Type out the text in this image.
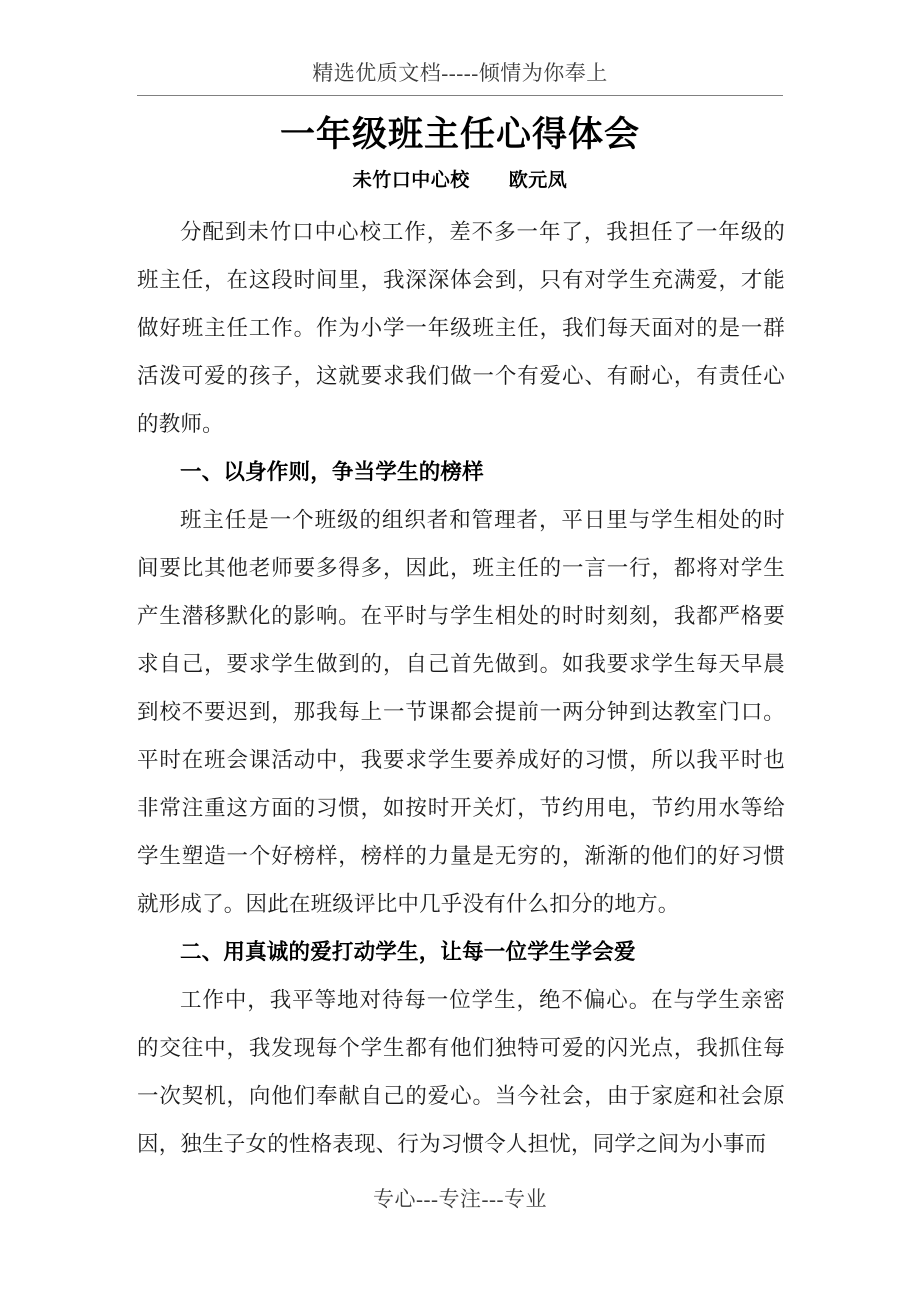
精选优质文档-----倾情为你奉上
一年级班主任心得体会
未竹口中心校　　欧元凤

分配到未竹口中心校工作，差不多一年了，我担任了一年级的班主任，在这段时间里，我深深体会到，只有对学生充满爱，才能做好班主任工作。作为小学一年级班主任，我们每天面对的是一群活泼可爱的孩子，这就要求我们做一个有爱心、有耐心，有责任心的教师。

一、以身作则，争当学生的榜样

班主任是一个班级的组织者和管理者，平日里与学生相处的时间要比其他老师要多得多，因此，班主任的一言一行，都将对学生产生潜移默化的影响。在平时与学生相处的时时刻刻，我都严格要求自己，要求学生做到的，自己首先做到。如我要求学生每天早晨到校不要迟到，那我每上一节课都会提前一两分钟到达教室门口。平时在班会课活动中，我要求学生要养成好的习惯，所以我平时也非常注重这方面的习惯，如按时开关灯，节约用电，节约用水等给学生塑造一个好榜样，榜样的力量是无穷的，渐渐的他们的好习惯就形成了。因此在班级评比中几乎没有什么扣分的地方。

二、用真诚的爱打动学生，让每一位学生学会爱

工作中，我平等地对待每一位学生，绝不偏心。在与学生亲密的交往中，我发现每个学生都有他们独特可爱的闪光点，我抓住每一次契机，向他们奉献自己的爱心。当今社会，由于家庭和社会原因，独生子女的性格表现、行为习惯令人担忧，同学之间为小事而

专心---专注---专业
